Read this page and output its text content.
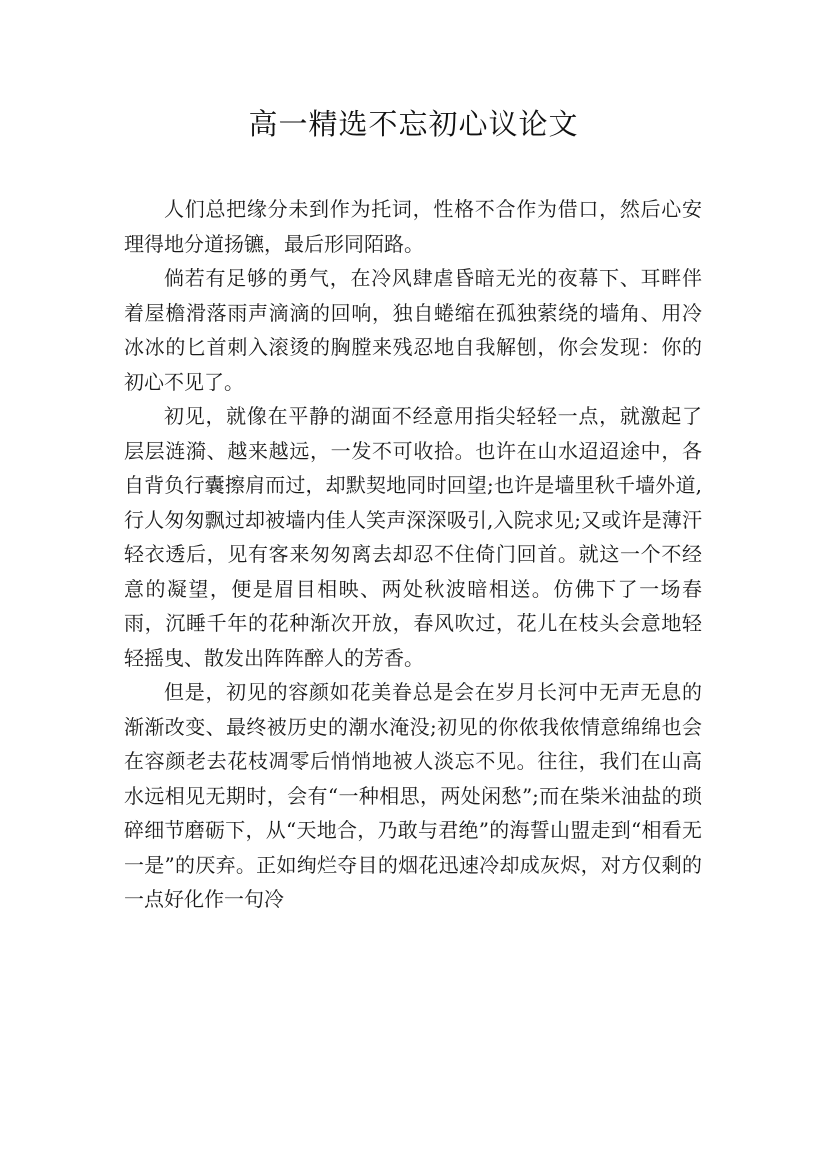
高一精选不忘初心议论文

人们总把缘分未到作为托词，性格不合作为借口，然后心安理得地分道扬镳，最后形同陌路。

倘若有足够的勇气，在冷风肆虐昏暗无光的夜幕下、耳畔伴着屋檐滑落雨声滴滴的回响，独自蜷缩在孤独萦绕的墙角、用冷冰冰的匕首刺入滚烫的胸膛来残忍地自我解刨，你会发现：你的初心不见了。

初见，就像在平静的湖面不经意用指尖轻轻一点，就激起了层层涟漪、越来越远，一发不可收拾。也许在山水迢迢途中，各自背负行囊擦肩而过，却默契地同时回望;也许是墙里秋千墙外道,行人匆匆飘过却被墙内佳人笑声深深吸引,入院求见;又或许是薄汗轻衣透后，见有客来匆匆离去却忍不住倚门回首。就这一个不经意的凝望，便是眉目相映、两处秋波暗相送。仿佛下了一场春雨，沉睡千年的花种渐次开放，春风吹过，花儿在枝头会意地轻轻摇曳、散发出阵阵醉人的芳香。

但是，初见的容颜如花美眷总是会在岁月长河中无声无息的渐渐改变、最终被历史的潮水淹没;初见的你侬我侬情意绵绵也会在容颜老去花枝凋零后悄悄地被人淡忘不见。往往，我们在山高水远相见无期时，会有“一种相思，两处闲愁”;而在柴米油盐的琐碎细节磨砺下，从“天地合，乃敢与君绝”的海誓山盟走到“相看无一是”的厌弃。正如绚烂夺目的烟花迅速冷却成灰烬，对方仅剩的一点好化作一句冷
